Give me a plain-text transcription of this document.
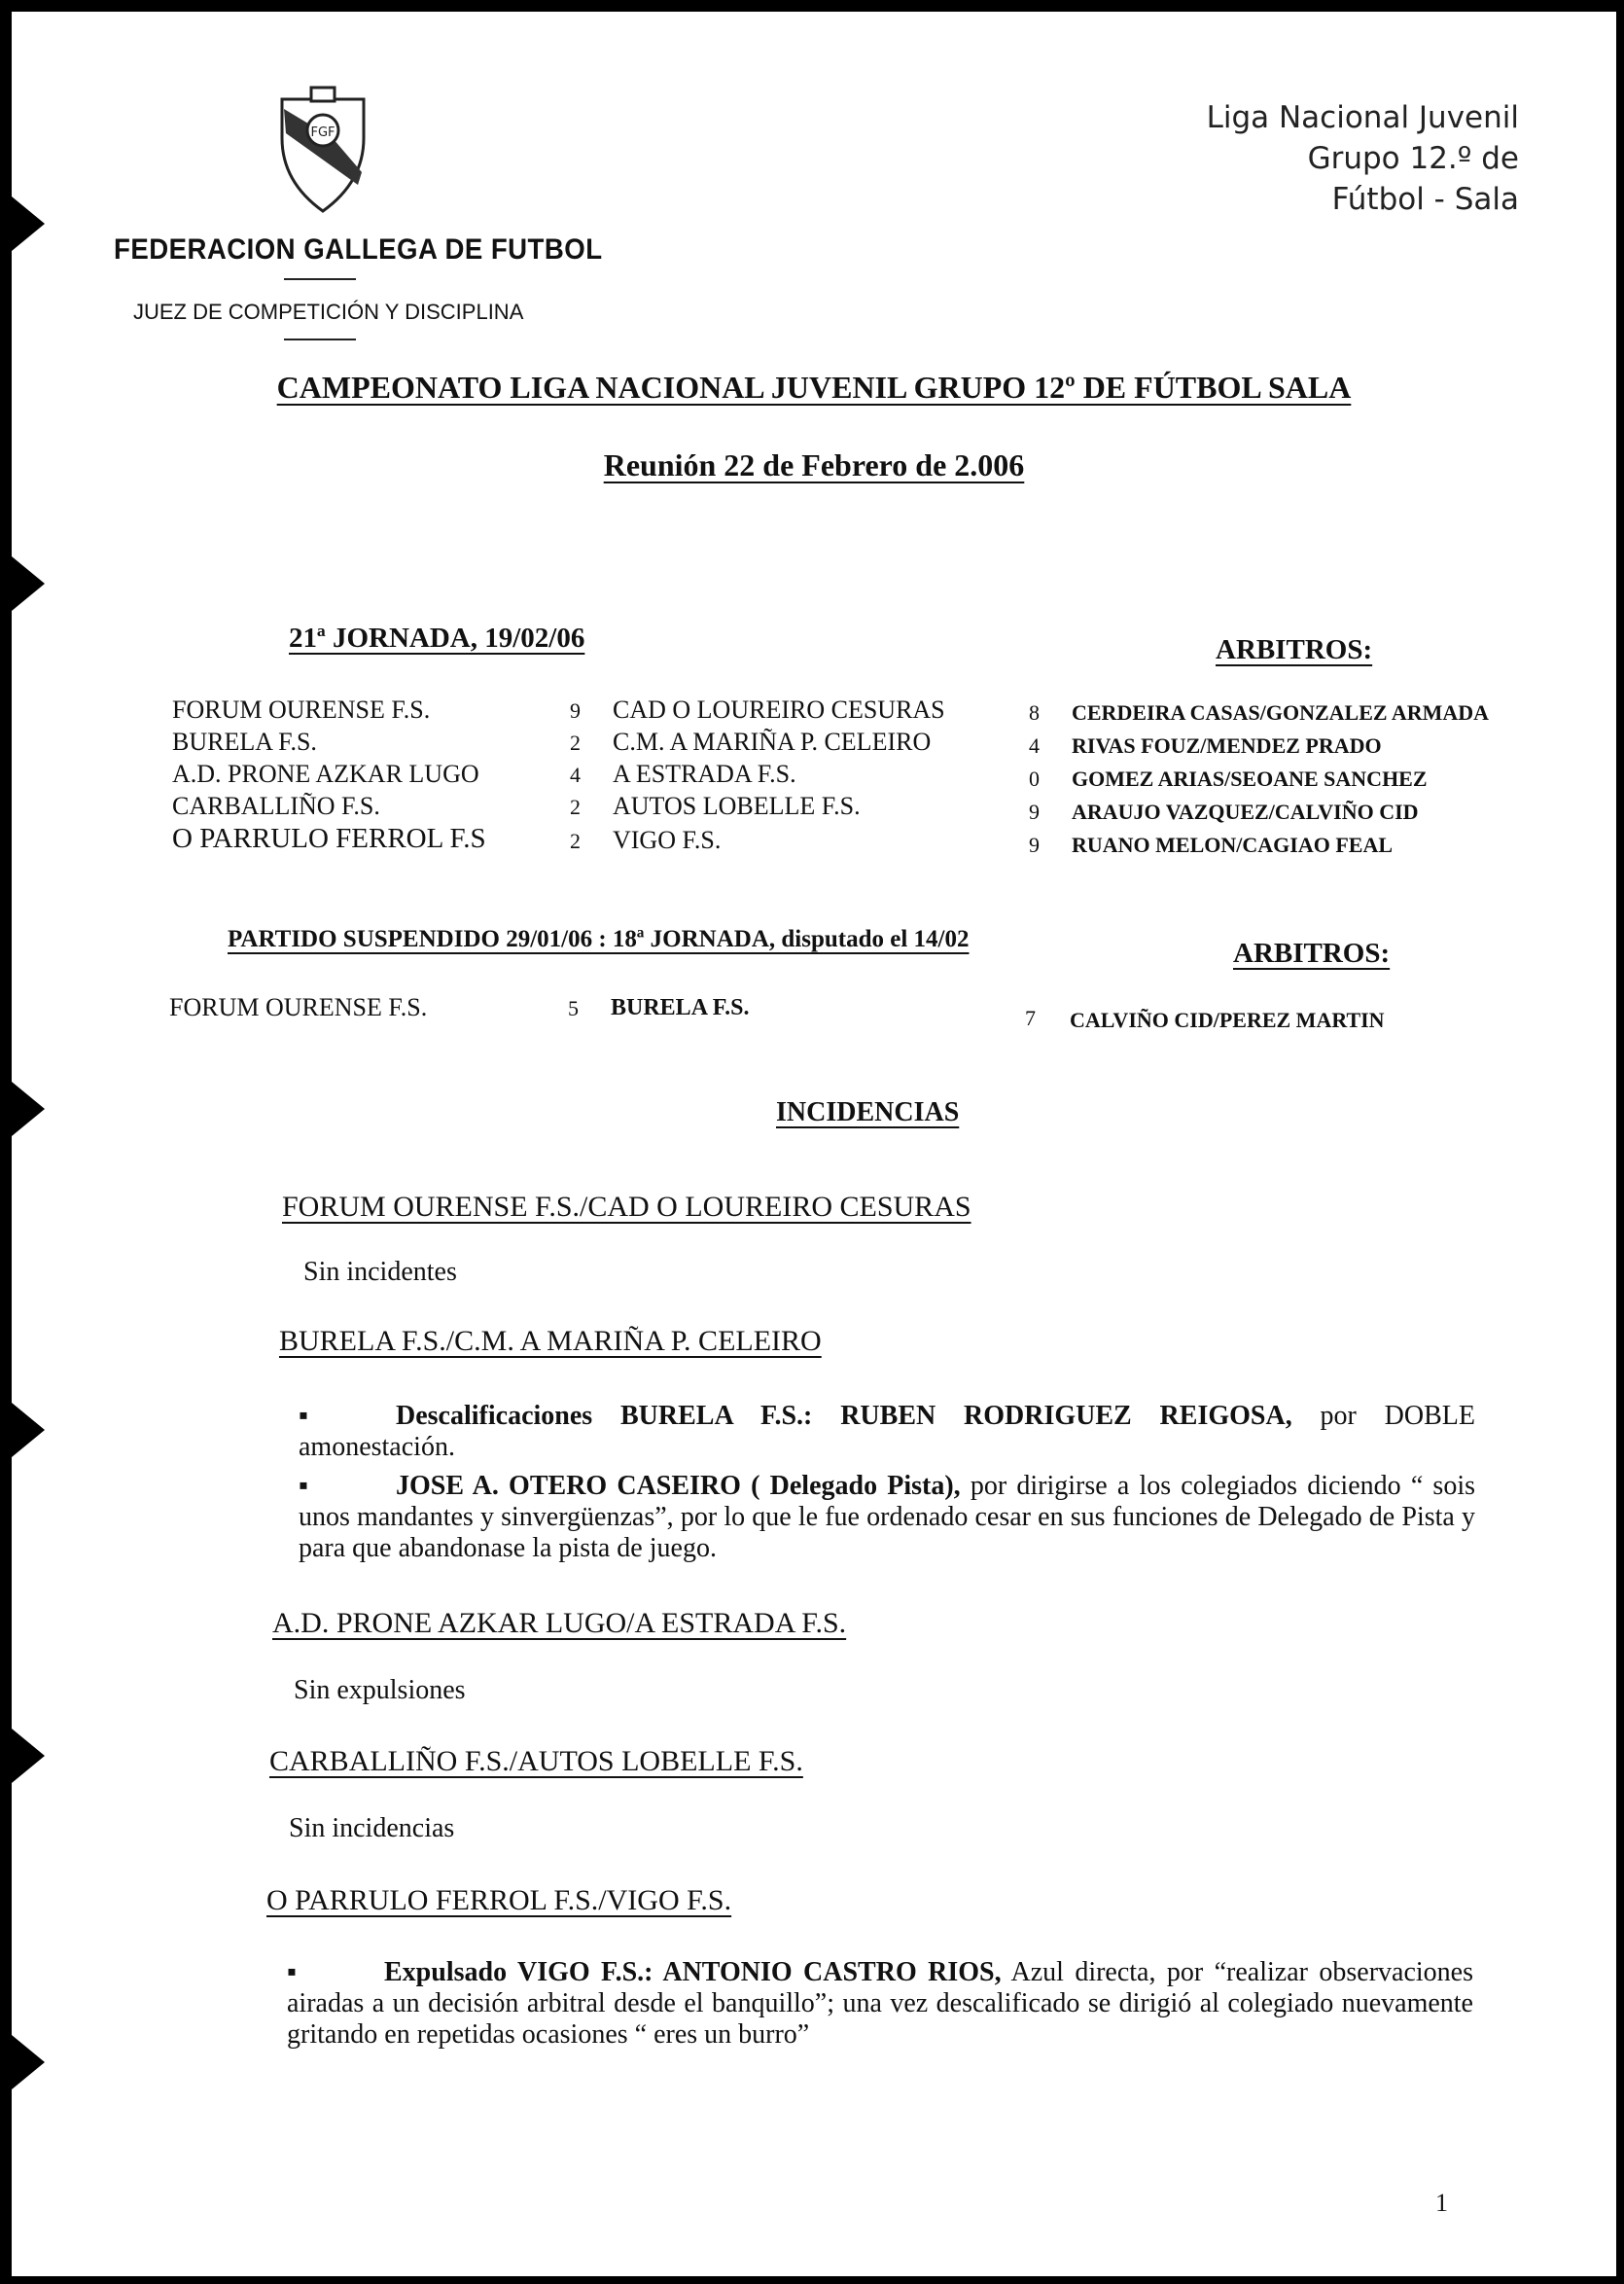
FGF	Liga Nacional Juvenil
Grupo 12.º de
Fútbol - Sala
FEDERACION GALLEGA DE FUTBOL
JUEZ DE COMPETICIÓN Y DISCIPLINA
CAMPEONATO LIGA NACIONAL JUVENIL GRUPO 12º DE FÚTBOL SALA
Reunión 22 de Febrero de 2.006
21ª JORNADA, 19/02/06	ARBITROS:
FORUM OURENSE F.S.	9 CAD O LOUREIRO CESURAS	8 CERDEIRA CASAS/GONZALEZ ARMADA
BURELA F.S.	2 C.M. A MARIÑA P. CELEIRO	4 RIVAS FOUZ/MENDEZ PRADO
A.D. PRONE AZKAR LUGO	4 A ESTRADA F.S.	0 GOMEZ ARIAS/SEOANE SANCHEZ
CARBALLIÑO F.S.	2 AUTOS LOBELLE F.S.	9 ARAUJO VAZQUEZ/CALVIÑO CID
O PARRULO FERROL F.S	2 VIGO F.S.	9 RUANO MELON/CAGIAO FEAL
PARTIDO SUSPENDIDO 29/01/06 : 18ª JORNADA, disputado el 14/02	ARBITROS:
FORUM OURENSE F.S.	5 BURELA F.S.	7 CALVIÑO CID/PEREZ MARTIN
INCIDENCIAS
FORUM OURENSE F.S./CAD O LOUREIRO CESURAS
Sin incidentes
BURELA F.S./C.M. A MARIÑA P. CELEIRO
▪	Descalificaciones BURELA F.S.: RUBEN RODRIGUEZ REIGOSA, por DOBLE amonestación.
▪	JOSE A. OTERO CASEIRO ( Delegado Pista), por dirigirse a los colegiados diciendo “ sois unos mandantes y sinvergüenzas”, por lo que le fue ordenado cesar en sus funciones de Delegado de Pista y para que abandonase la pista de juego.
A.D. PRONE AZKAR LUGO/A ESTRADA F.S.
Sin expulsiones
CARBALLIÑO F.S./AUTOS LOBELLE F.S.
Sin incidencias
O PARRULO FERROL F.S./VIGO F.S.
▪	Expulsado VIGO F.S.: ANTONIO CASTRO RIOS, Azul directa, por “realizar observaciones airadas a un decisión arbitral desde el banquillo”; una vez descalificado se dirigió al colegiado nuevamente gritando en repetidas ocasiones “ eres un burro”
1
